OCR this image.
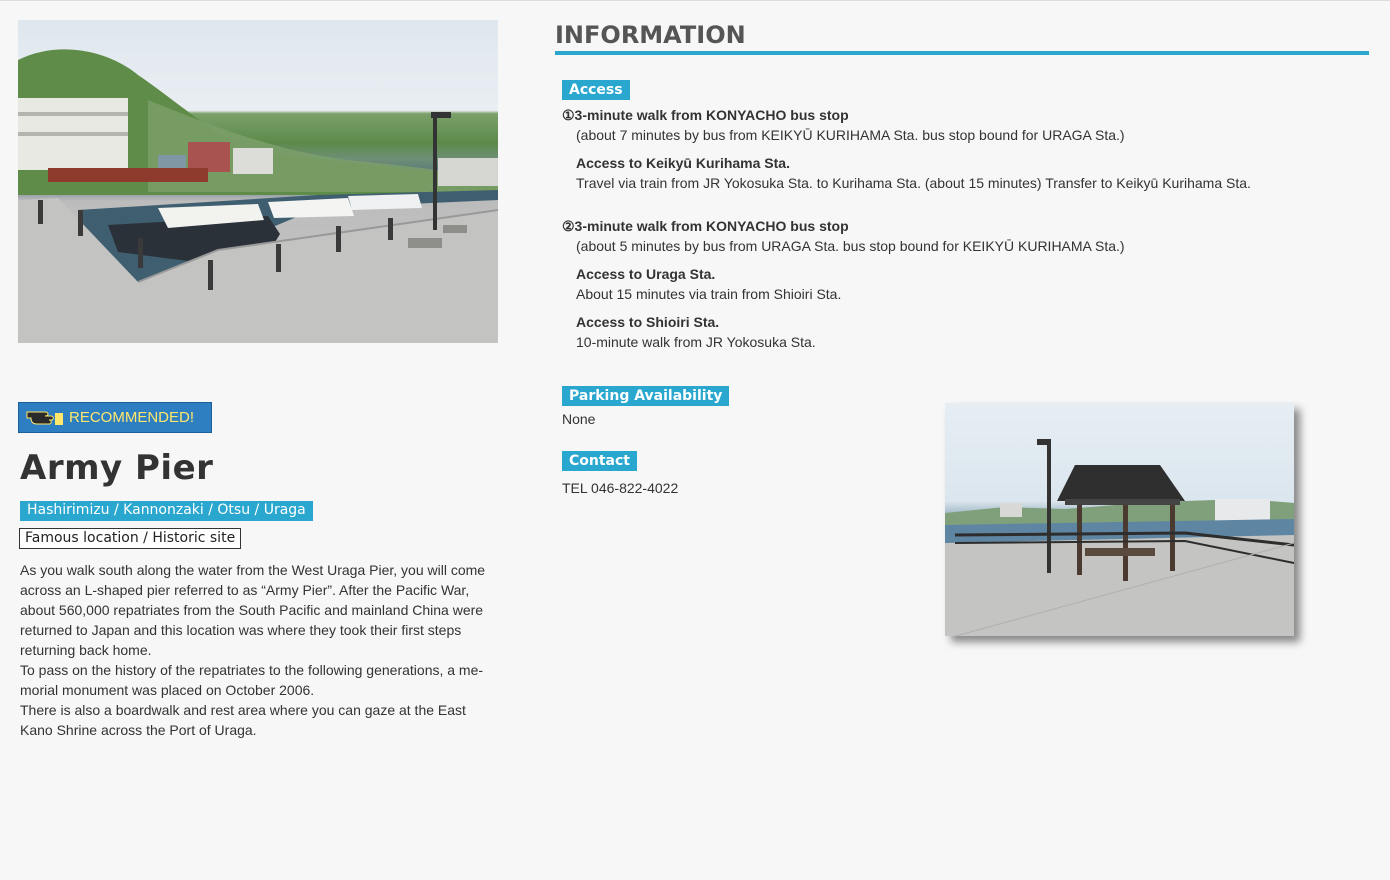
RECOMMENDED!
Army Pier
Hashirimizu / Kannonzaki / Otsu / Uraga
Famous location / Historic site

As you walk south along the water from the West Uraga Pier, you will come across an L-shaped pier referred to as “Army Pier”. After the Pacific War, about 560,000 repatriates from the South Pacific and mainland China were returned to Japan and this location was where they took their first steps returning back home.

To pass on the history of the repatriates to the following generations, a me-morial monument was placed on October 2006.

There is also a boardwalk and rest area where you can gaze at the East Kano Shrine across the Port of Uraga.

INFORMATION
Access
①3-minute walk from KONYACHO bus stop
(about 7 minutes by bus from KEIKYŪ KURIHAMA Sta. bus stop bound for URAGA Sta.)
Access to Keikyū Kurihama Sta.
Travel via train from JR Yokosuka Sta. to Kurihama Sta. (about 15 minutes) Transfer to Keikyū Kurihama Sta.
②3-minute walk from KONYACHO bus stop
(about 5 minutes by bus from URAGA Sta. bus stop bound for KEIKYŪ KURIHAMA Sta.)
Access to Uraga Sta.
About 15 minutes via train from Shioiri Sta.
Access to Shioiri Sta.
10-minute walk from JR Yokosuka Sta.
Parking Availability
None
Contact
TEL 046-822-4022
